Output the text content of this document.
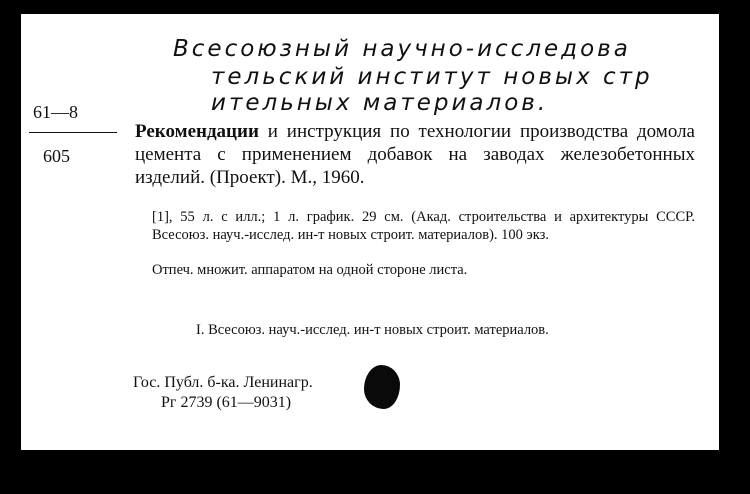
Всесоюзный научно-исследова
тельский институт новых стр
ительных материалов.
61—8
605
Рекомендации и инструкция по технологии производства домола цемента с применением добавок на заводах железобетонных изделий. (Проект). М., 1960.
[1], 55 л. с илл.; 1 л. график. 29 см. (Акад. строительства и архитектуры СССР. Всесоюз. науч.-исслед. ин-т новых строит. материалов). 100 экз.
Отпеч. множит. аппаратом на одной стороне листа.
I. Всесоюз. науч.-исслед. ин-т новых строит. материалов.
Гос. Публ. б-ка. Ленинагр.
Рг 2739 (61—9031)
